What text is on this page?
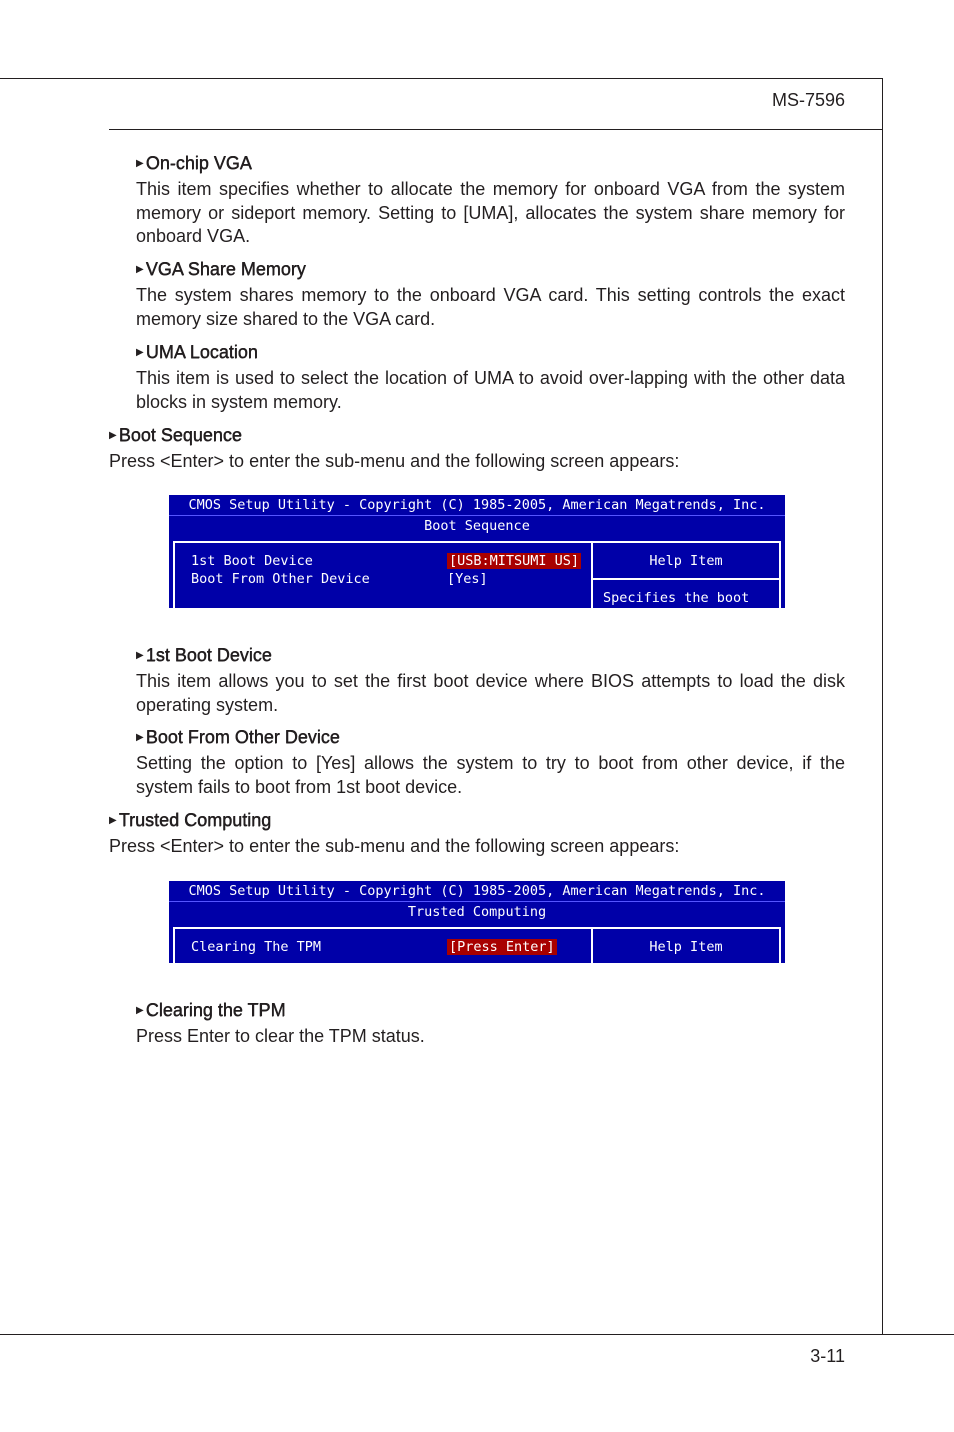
MS-7596
▶ On-chip VGA

This item specifies whether to allocate the memory for onboard VGA from the system memory or sideport memory. Setting to [UMA], allocates the system share memory for onboard VGA.

▶ VGA Share Memory

The system shares memory to the onboard VGA card. This setting controls the exact memory size shared to the VGA card.

▶ UMA Location

This item is used to select the location of UMA to avoid over-lapping with the other data blocks in system memory.

▶ Boot Sequence

Press <Enter> to enter the sub-menu and the following screen appears:

CMOS Setup Utility - Copyright (C) 1985-2005, American Megatrends, Inc.
Boot Sequence
1st Boot Device	[USB:MITSUMI US]
Boot From Other Device	[Yes]
Help Item
Specifies the boot
▶ 1st Boot Device

This item allows you to set the first boot device where BIOS attempts to load the disk operating system.

▶ Boot From Other Device

Setting the option to [Yes] allows the system to try to boot from other device, if the system fails to boot from 1st boot device.

▶ Trusted Computing

Press <Enter> to enter the sub-menu and the following screen appears:

CMOS Setup Utility - Copyright (C) 1985-2005, American Megatrends, Inc.
Trusted Computing
Clearing The TPM	[Press Enter]	Help Item
▶ Clearing the TPM

Press Enter to clear the TPM status.

3-11
